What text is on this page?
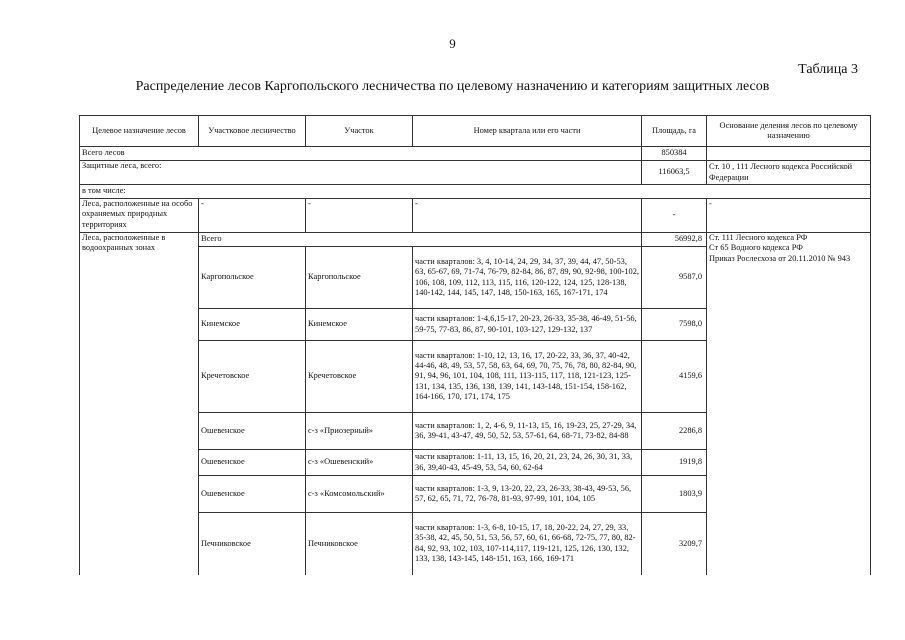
9
Таблица 3
Распределение лесов Каргопольского лесничества по целевому назначению и категориям защитных лесов
Целевое назначение лесов	Участковое лесничество	Участок	Номер квартала или его части	Площадь, га	Основание деления лесов по целевому назначению
Всего лесов				850384	
Защитные леса, всего:				116063,5	Ст. 10 , 111 Лесного кодекса Российской Федерации
в том числе:					
Леса, расположенные на особо охраняемых природных территориях	-	-	-	-	-
Леса, расположенные в водоохранных зонах	Всего			56992,8	Ст. 111 Лесного кодекса РФ
Ст 65 Водного кодекса РФ
Приказ Рослесхоза от 20.11.2010 № 943
	Каргопольское	Каргопольское	части кварталов: 3, 4, 10-14, 24, 29, 34, 37, 39, 44, 47, 50-53, 63, 65-67, 69, 71-74, 76-79, 82-84, 86, 87, 89, 90, 92-98, 100-102, 106, 108, 109, 112, 113, 115, 116, 120-122, 124, 125, 128-138, 140-142, 144, 145, 147, 148, 150-163, 165, 167-171, 174	9587,0	
	Кинемское	Кинемское	части кварталов: 1-4,6,15-17, 20-23, 26-33, 35-38, 46-49, 51-56, 59-75, 77-83, 86, 87, 90-101, 103-127, 129-132, 137	7598,0	
	Кречетовское	Кречетовское	части кварталов: 1-10, 12, 13, 16, 17, 20-22, 33, 36, 37, 40-42, 44-46, 48, 49, 53, 57, 58, 63, 64, 69, 70, 75, 76, 78, 80, 82-84, 90, 91, 94, 96, 101, 104, 108, 111, 113-115, 117, 118, 121-123, 125-131, 134, 135, 136, 138, 139, 141, 143-148, 151-154, 158-162, 164-166, 170, 171, 174, 175	4159,6	
	Ошевенское	с-з «Приозерный»	части кварталов: 1, 2, 4-6, 9, 11-13, 15, 16, 19-23, 25, 27-29, 34, 36, 39-41, 43-47, 49, 50, 52, 53, 57-61, 64, 68-71, 73-82, 84-88	2286,8	
	Ошевенское	с-з «Ошевенский»	части кварталов: 1-11, 13, 15, 16, 20, 21, 23, 24, 26, 30, 31, 33, 36, 39,40-43, 45-49, 53, 54, 60, 62-64	1919,8	
	Ошевенское	с-з «Комсомольский»	части кварталов: 1-3, 9, 13-20, 22, 23, 26-33, 38-43, 49-53, 56, 57, 62, 65, 71, 72, 76-78, 81-93, 97-99, 101, 104, 105	1803,9	
	Печниковское	Печниковское	части кварталов: 1-3, 6-8, 10-15, 17, 18, 20-22, 24, 27, 29, 33, 35-38, 42, 45, 50, 51, 53, 56, 57, 60, 61, 66-68, 72-75, 77, 80, 82-84, 92, 93, 102, 103, 107-114,117, 119-121, 125, 126, 130, 132, 133, 138, 143-145, 148-151, 163, 166, 169-171	3209,7	
